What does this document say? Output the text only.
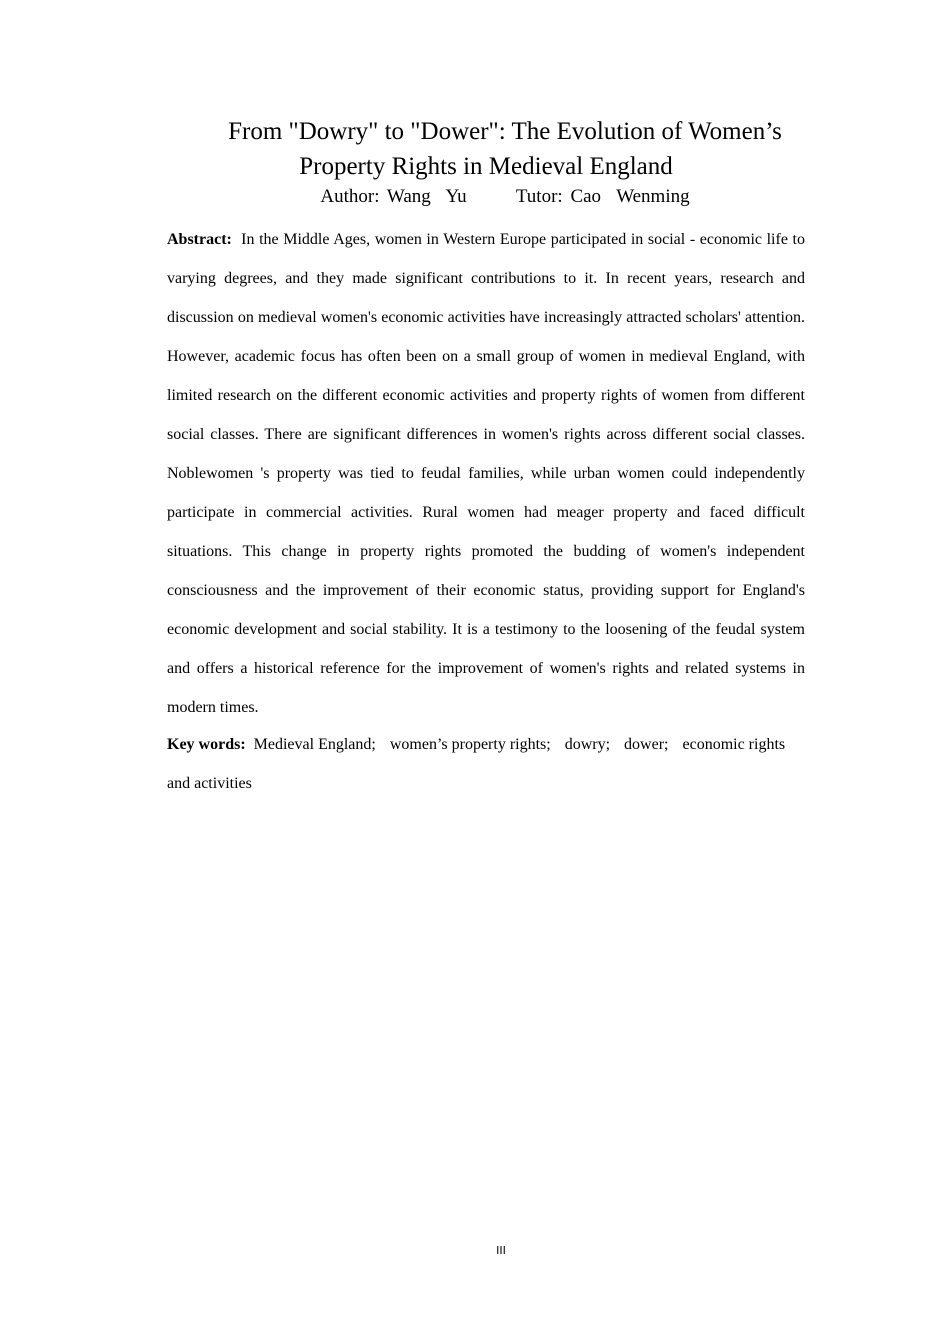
From "Dowry" to "Dower": The Evolution of Women’s
Property Rights in Medieval England
Author: Wang  Yu	Tutor: Cao  Wenming

Abstract: In the Middle Ages, women in Western Europe participated in social - economic life to varying degrees, and they made significant contributions to it. In recent years, research and discussion on medieval women's economic activities have increasingly attracted scholars' attention. However, academic focus has often been on a small group of women in medieval England, with limited research on the different economic activities and property rights of women from different social classes. There are significant differences in women's rights across different social classes. Noblewomen 's property was tied to feudal families, while urban women could independently participate in commercial activities. Rural women had meager property and faced difficult situations. This change in property rights promoted the budding of women's independent consciousness and the improvement of their economic status, providing support for England's economic development and social stability. It is a testimony to the loosening of the feudal system and offers a historical reference for the improvement of women's rights and related systems in modern times.

Key words: Medieval England; women’s property rights; dowry; dower; economic rights and activities

III
